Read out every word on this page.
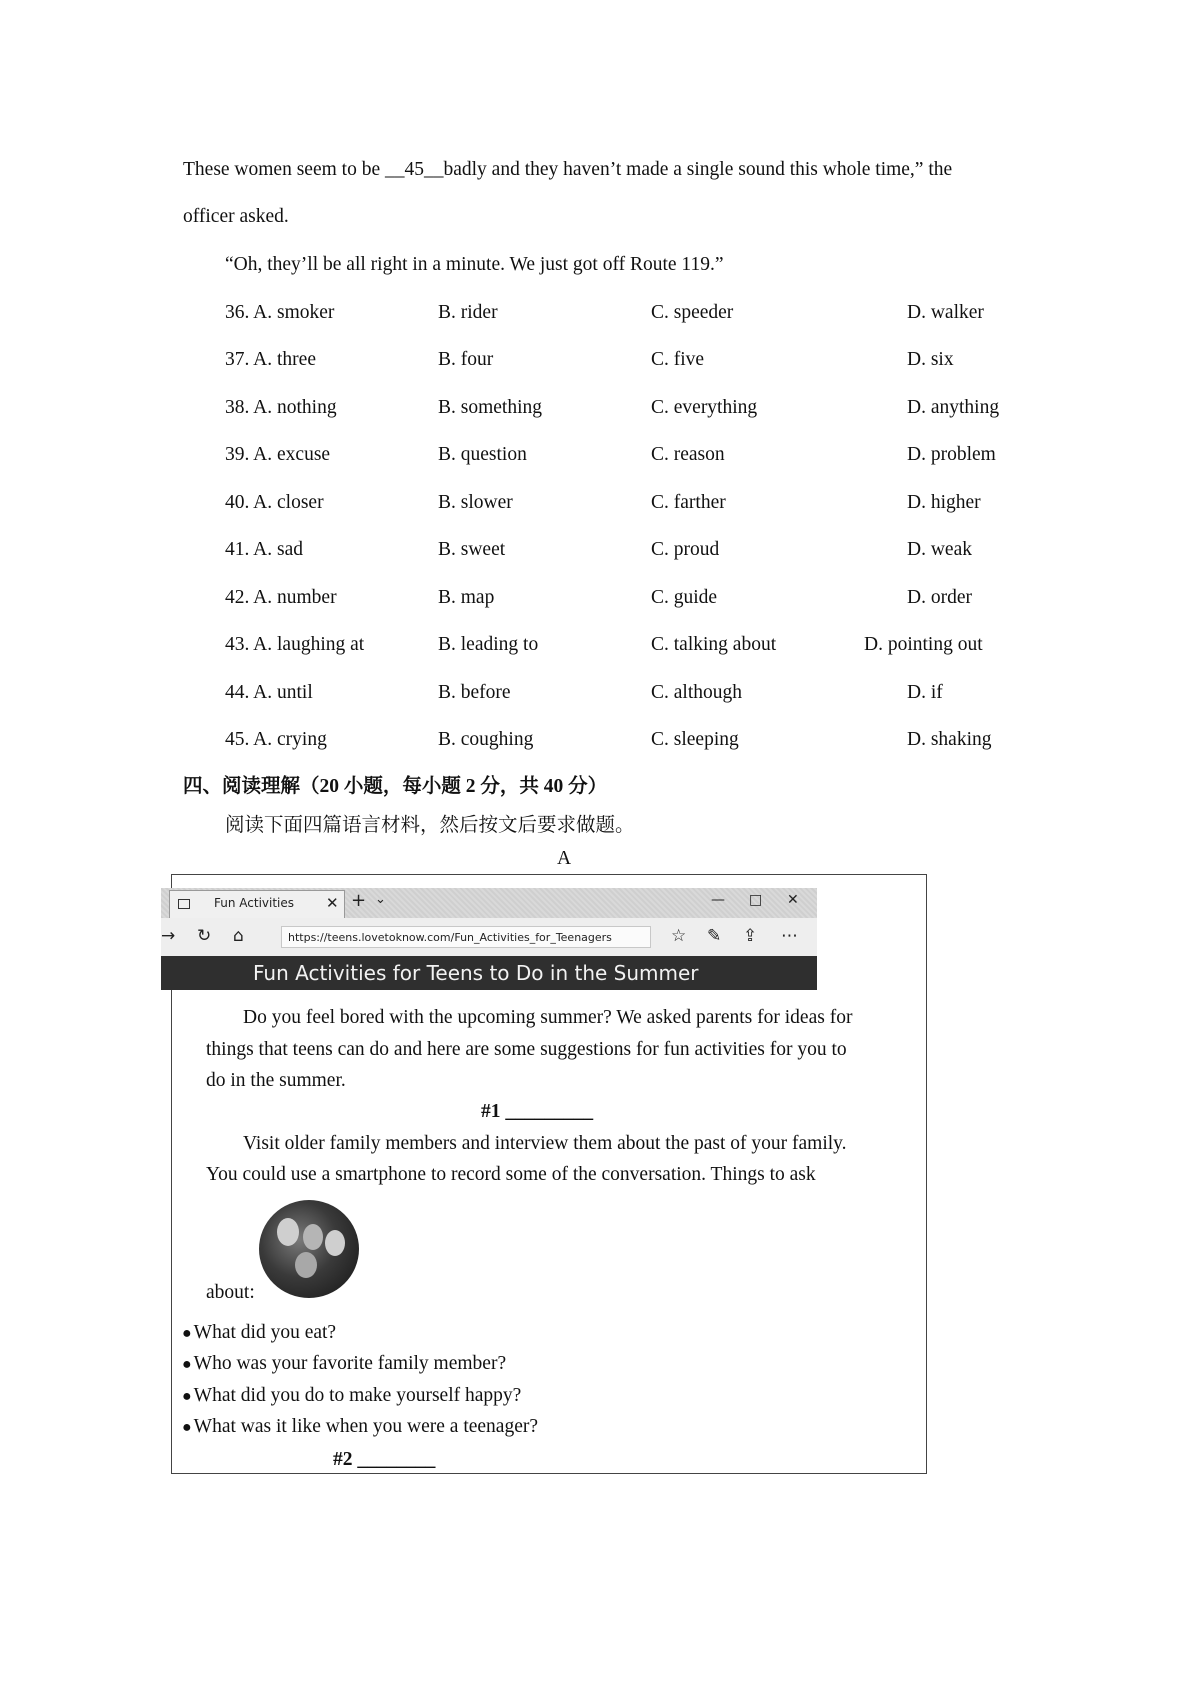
These women seem to be __45__badly and they haven’t made a single sound this whole time,” the
officer asked.
“Oh, they’ll be all right in a minute. We just got off Route 119.”
36. A. smoker	B. rider	C. speeder	D. walker
37. A. three	B. four	C. five	D. six
38. A. nothing	B. something	C. everything	D. anything
39. A. excuse	B. question	C. reason	D. problem
40. A. closer	B. slower	C. farther	D. higher
41. A. sad	B. sweet	C. proud	D. weak
42. A. number	B. map	C. guide	D. order
43. A. laughing at	B. leading to	C. talking about	D. pointing out
44. A. until	B. before	C. although	D. if
45. A. crying	B. coughing	C. sleeping	D. shaking
四、阅读理解（20 小题，每小题 2 分，共 40 分）
阅读下面四篇语言材料，然后按文后要求做题。
A
Fun Activities ✕ + ⌄	— □ ✕
→ ↻ ⌂	https://teens.lovetoknow.com/Fun_Activities_for_Teenagers	☆ ✎ ⇪ ⋯
Fun Activities for Teens to Do in the Summer
Do you feel bored with the upcoming summer? We asked parents for ideas for
things that teens can do and here are some suggestions for fun activities for you to
do in the summer.
#1 _________
Visit older family members and interview them about the past of your family.
You could use a smartphone to record some of the conversation. Things to ask
about:
● What did you eat?
● Who was your favorite family member?
● What did you do to make yourself happy?
● What was it like when you were a teenager?
#2 ________
